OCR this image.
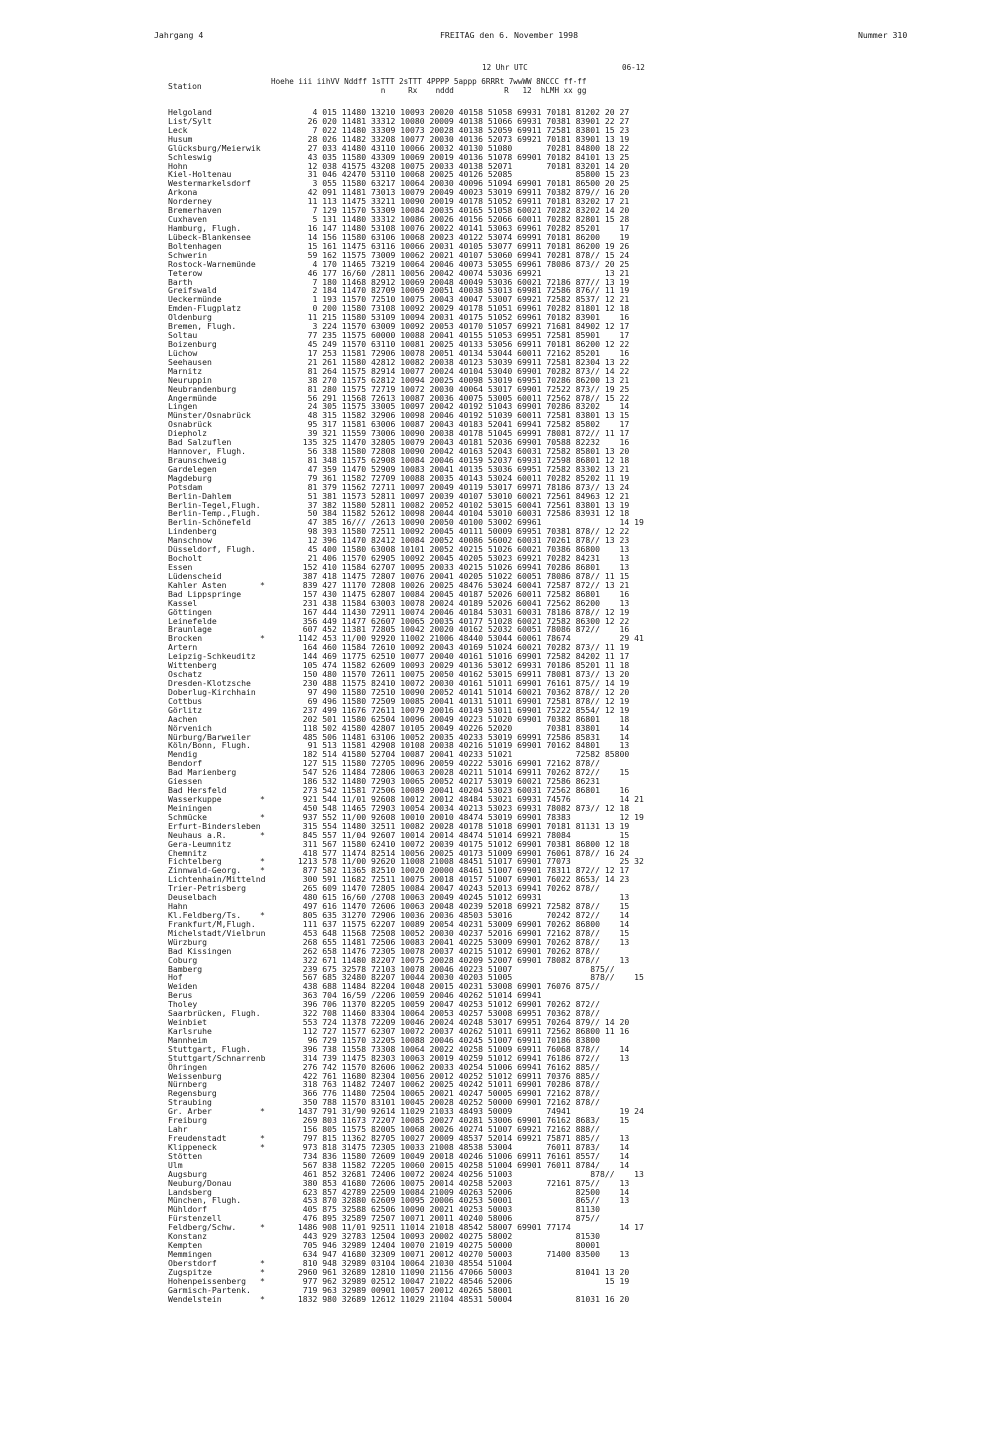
Jahrgang 4	FREITAG den 6. November 1998	Nummer 310
12 Uhr UTC	06-12
Station
Hoehe iii iihVV Nddff 1sTTT 2sTTT 4PPPP 5appp 6RRRt 7wwWW 8NCCC ff-ff
n     Rx    nddd           R   12  hLMH xx gg
Helgoland	4 015 11480 13210 10093 20020 40158 51058 69931 70181 81202 20 27
List/Sylt	26 020 11481 33312 10080 20009 40138 51066 69931 70381 83901 22 27
Leck	7 022 11480 33309 10073 20028 40138 52059 69911 72581 83801 15 23
Husum	28 026 11482 33208 10077 20030 40136 52073 69921 70181 83901 13 19
Glücksburg/Meierwik	27 033 41480 43110 10066 20032 40130 51080       70281 84800 18 22
Schleswig	43 035 11580 43309 10069 20019 40136 51078 69901 70182 84101 13 25
Hohn	12 038 41575 43208 10075 20033 40138 52071       70181 83201 14 20
Kiel-Holtenau	31 046 42470 53110 10068 20025 40126 52085             85800 15 23
Westermarkelsdorf	3 055 11580 63217 10064 20030 40096 51094 69901 70181 86500 20 25
Arkona	42 091 11481 73013 10079 20049 40023 53019 69911 70382 879// 16 20
Norderney	11 113 11475 33211 10090 20019 40178 51052 69911 70181 83202 17 21
Bremerhaven	7 129 11570 53309 10084 20035 40165 51058 60021 70282 83202 14 20
Cuxhaven	5 131 11480 33312 10086 20026 40156 52066 60011 70282 82801 15 28
Hamburg, Flugh.	16 147 11480 53108 10076 20022 40141 53063 69961 70282 85201    17
Lübeck-Blankensee	14 156 11580 63106 10068 20023 40122 53074 69991 70181 86200    19
Boltenhagen	15 161 11475 63116 10066 20031 40105 53077 69911 70181 86200 19 26
Schwerin	59 162 11575 73009 10062 20021 40107 53060 69941 70281 878// 15 24
Rostock-Warnemünde	4 170 11465 73219 10064 20046 40073 53055 69961 78086 873// 20 25
Teterow	46 177 16/60 /2811 10056 20042 40074 53036 69921             13 21
Barth	7 180 11468 82912 10069 20048 40049 53036 60021 72186 877// 13 19
Greifswald	2 184 11470 82709 10069 20051 40038 53013 69981 72586 876// 11 19
Ueckermünde	1 193 11570 72510 10075 20043 40047 53007 69921 72582 8537/ 12 21
Emden-Flugplatz	0 200 11580 73108 10092 20029 40178 51051 69961 70282 81801 12 18
Oldenburg	11 215 11580 53109 10094 20031 40175 51052 69961 70182 83901    16
Bremen, Flugh.	3 224 11570 63009 10092 20053 40170 51057 69921 71681 84902 12 17
Soltau	77 235 11575 60000 10088 20041 40155 51053 69951 72581 85901    17
Boizenburg	45 249 11570 63110 10081 20025 40133 53056 69911 70181 86200 12 22
Lüchow	17 253 11581 72906 10078 20051 40134 53044 60011 72162 85201    16
Seehausen	21 261 11580 42812 10082 20038 40123 53039 69911 72581 82304 13 22
Marnitz	81 264 11575 82914 10077 20024 40104 53040 69901 70282 873// 14 22
Neuruppin	38 270 11575 62812 10094 20025 40098 53019 69951 70286 86200 13 21
Neubrandenburg	81 280 11575 72719 10072 20030 40064 53017 69901 72522 873// 19 25
Angermünde	56 291 11568 72613 10087 20036 40075 53005 60011 72562 878// 15 22
Lingen	24 305 11575 33005 10097 20042 40192 51043 69901 70286 83202    14
Münster/Osnabrück	48 315 11582 32906 10098 20046 40192 51039 60011 72581 83801 13 15
Osnabrück	95 317 11581 63006 10087 20043 40183 52041 69941 72582 85802    17
Diepholz	39 321 11559 73006 10090 20038 40178 51045 69991 78081 872// 11 17
Bad Salzuflen	135 325 11470 32805 10079 20043 40181 52036 69901 70588 82232    16
Hannover, Flugh.	56 338 11580 72808 10090 20042 40163 52043 60031 72582 85801 13 20
Braunschweig	81 348 11575 62908 10084 20046 40159 52037 69931 72598 86801 12 18
Gardelegen	47 359 11470 52909 10083 20041 40135 53036 69951 72582 83302 13 21
Magdeburg	79 361 11582 72709 10088 20035 40143 53024 60011 70282 85202 11 19
Potsdam	81 379 11562 72711 10097 20049 40119 53017 69971 78186 873// 13 24
Berlin-Dahlem	51 381 11573 52811 10097 20039 40107 53010 60021 72561 84963 12 21
Berlin-Tegel,Flugh.	37 382 11580 52811 10082 20052 40102 53015 60041 72561 83801 13 19
Berlin-Temp.,Flugh.	50 384 11582 52612 10098 20044 40104 53010 60031 72586 83931 12 18
Berlin-Schönefeld	47 385 16/// /2613 10090 20050 40100 53002 69961                14 19
Lindenberg	98 393 11580 72511 10092 20045 40111 50009 69951 70381 878// 12 22
Manschnow	12 396 11470 82412 10084 20052 40086 56002 60031 70261 878// 13 23
Düsseldorf, Flugh.	45 400 11580 63008 10101 20052 40215 51026 60021 70386 86800    13
Bocholt	21 406 11570 62905 10092 20045 40205 53023 69921 70282 84231    13
Essen	152 410 11584 62707 10095 20033 40215 51026 69941 70286 86801    13
Lüdenscheid	387 418 11475 72807 10076 20041 40205 51022 60051 78086 878// 11 15
Kahler Asten	*	839 427 11170 72808 10026 20025 48476 53024 60041 72587 872// 13 21
Bad Lippspringe	157 430 11475 62807 10084 20045 40187 52026 60011 72582 86801    16
Kassel	231 438 11584 63003 10078 20024 40189 52026 60041 72562 86200    13
Göttingen	167 444 11430 72911 10074 20046 40184 53031 60031 78186 878// 12 19
Leinefelde	356 449 11477 62607 10065 20035 40177 51028 60021 72582 86300 12 22
Braunlage	607 452 11381 72805 10042 20020 40162 52032 60051 78086 872//    16
Brocken	*	1142 453 11/00 92920 11002 21006 48440 53044 60061 78674          29 41
Artern	164 460 11584 72610 10092 20043 40169 51024 60021 70282 873// 11 19
Leipzig-Schkeuditz	144 469 11775 62510 10077 20040 40161 51016 69901 72582 84202 11 17
Wittenberg	105 474 11582 62609 10093 20029 40136 53012 69931 70186 85201 11 18
Oschatz	150 480 11570 72611 10075 20050 40162 53015 69911 78081 873// 13 20
Dresden-Klotzsche	230 488 11575 82410 10072 20030 40161 51011 69901 76161 875// 14 19
Doberlug-Kirchhain	97 490 11580 72510 10090 20052 40141 51014 60021 70362 878// 12 20
Cottbus	69 496 11580 72509 10085 20041 40131 51011 69901 72581 878// 12 19
Görlitz	237 499 11676 72611 10079 20016 40149 53011 69901 75222 8554/ 12 19
Aachen	202 501 11580 62504 10096 20049 40223 51020 69901 70382 86801    18
Nörvenich	118 502 41580 42807 10105 20049 40226 52020       70381 83801    14
Nürburg/Barweiler	485 506 11481 63106 10052 20035 40233 53019 69991 72586 85831    14
Köln/Bonn, Flugh.	91 513 11581 42908 10108 20038 40216 51019 69901 70162 84801    13
Mendig	182 514 41580 52704 10087 20041 40233 51021             72582 85800
Bendorf	127 515 11580 72705 10096 20059 40222 53016 69901 72162 878//
Bad Marienberg	547 526 11484 72806 10063 20028 40211 51014 69911 70262 872//    15
Giessen	186 532 11480 72903 10065 20052 40217 53019 60021 72586 86231
Bad Hersfeld	273 542 11581 72506 10089 20041 40204 53023 60031 72562 86801    16
Wasserkuppe	*	921 544 11/01 92608 10012 20012 48484 53021 69931 74576          14 21
Meiningen	450 548 11465 72903 10054 20034 40213 53023 69931 78082 873// 12 18
Schmücke	*	937 552 11/00 92608 10010 20010 48474 53019 69901 78383          12 19
Erfurt-Bindersleben	315 554 11480 32511 10082 20028 40178 51018 69901 70181 81131 13 19
Neuhaus a.R.	*	845 557 11/04 92607 10014 20014 48474 51014 69921 78084          15
Gera-Leumnitz	311 567 11580 62410 10072 20039 40175 51012 69901 70381 86800 12 18
Chemnitz	418 577 11474 82514 10056 20025 40173 51009 69901 76061 878// 16 24
Fichtelberg	*	1213 578 11/00 92620 11008 21008 48451 51017 69901 77073          25 32
Zinnwald-Georg. *	877 582 11365 82510 10020 20000 48461 51007 69901 78311 872// 12 17
Lichtenhain/Mittelnd	300 591 11682 72511 10075 20018 40157 51007 69901 76022 8653/ 14 23
Trier-Petrisberg	265 609 11470 72805 10084 20047 40243 52013 69941 70262 878//
Deuselbach	480 615 16/60 /2708 10063 20049 40245 51012 69931                13
Hahn	497 616 11470 72606 10063 20048 40239 52018 69921 72582 878//    15
Kl.Feldberg/Ts. *	805 635 31270 72906 10036 20036 48503 53016       70242 872//    14
Frankfurt/M,Flugh.	111 637 11575 62207 10089 20054 40231 53009 69901 70262 86800    14
Michelstadt/Vielbrun	453 648 11568 72508 10052 20030 40237 52016 69901 72162 878//    15
Würzburg	268 655 11481 72506 10083 20041 40225 53009 69901 70262 878//    13
Bad Kissingen	262 658 11476 72305 10078 20037 40215 51012 69901 70262 878//
Coburg	322 671 11480 82207 10075 20028 40209 52007 69901 78082 878//    13
Bamberg	239 675 32578 72103 10078 20046 40223 51007                875//
Hof	567 685 32480 82207 10044 20030 40203 51005                878//    15
Weiden	438 688 11484 82204 10048 20015 40231 53008 69901 76076 875//
Berus	363 704 16/59 /2206 10059 20046 40262 51014 69941
Tholey	396 706 11370 82205 10059 20047 40253 51012 69901 70262 872//
Saarbrücken, Flugh.	322 708 11460 83304 10064 20053 40257 53008 69951 70362 878//
Weinbiet	553 724 11378 72209 10046 20024 40248 53017 69951 70264 879// 14 20
Karlsruhe	112 727 11577 62307 10072 20037 40262 51011 69911 72562 86800 11 16
Mannheim	96 729 11570 32205 10088 20046 40245 51007 69911 70186 83800
Stuttgart, Flugh.	396 738 11558 73308 10064 20022 40258 51009 69911 76068 878//    14
Stuttgart/Schnarrenb	314 739 11475 82303 10063 20019 40259 51012 69941 76186 872//    13
Öhringen	276 742 11570 82606 10062 20033 40254 51006 69941 76162 885//
Weissenburg	422 761 11680 82304 10056 20012 40252 51012 69911 70376 885//
Nürnberg	318 763 11482 72407 10062 20025 40242 51011 69901 70286 878//
Regensburg	366 776 11480 72504 10065 20021 40247 50005 69901 72162 878//
Straubing	350 788 11570 83101 10045 20028 40252 50000 69901 72162 878//
Gr. Arber	*	1437 791 31/90 92614 11029 21033 48493 50009       74941          19 24
Freiburg	269 803 11673 72207 10085 20027 40281 53006 69901 76162 8683/    15
Lahr	156 805 11575 82005 10068 20026 40274 51007 69921 72162 888//
Freudenstadt	*	797 815 11362 82705 10027 20009 48537 52014 69921 75871 885//    13
Klippeneck	*	973 818 31475 72305 10033 21008 48538 53004       76011 8783/    14
Stötten	734 836 11580 72609 10049 20018 40246 51006 69911 76161 8557/    14
Ulm	567 838 11582 72205 10060 20015 40258 51004 69901 76011 8784/    14
Augsburg	461 852 32681 72406 10072 20024 40256 51003                878//    13
Neuburg/Donau	380 853 41680 72606 10075 20014 40258 52003       72161 875//    13
Landsberg	623 857 42789 22509 10084 21009 40263 52006             82500    14
München, Flugh.	453 870 32880 62609 10095 20006 40253 50001             865//    13
Mühldorf	405 875 32588 62506 10090 20021 40253 50003             81130
Fürstenzell	476 895 32589 72507 10071 20011 40240 58006             875//
Feldberg/Schw.	*	1486 908 11/01 92511 11014 21018 48542 58007 69901 77174          14 17
Konstanz	443 929 32783 12504 10093 20002 40275 58002             81530
Kempten	705 946 32989 12404 10070 21019 40275 50000             80001
Memmingen	634 947 41680 32309 10071 20012 40270 50003       71400 83500    13
Oberstdorf	*	810 948 32989 03104 10064 21030 48554 51004
Zugspitze	*	2960 961 32689 12810 11090 21156 47066 50003             81041 13 20
Hohenpeissenberg *	977 962 32989 02512 10047 21022 48546 52006                   15 19
Garmisch-Partenk.	719 963 32989 00901 10057 20012 40265 58001
Wendelstein	*	1832 980 32689 12612 11029 21104 48531 50004             81031 16 20
